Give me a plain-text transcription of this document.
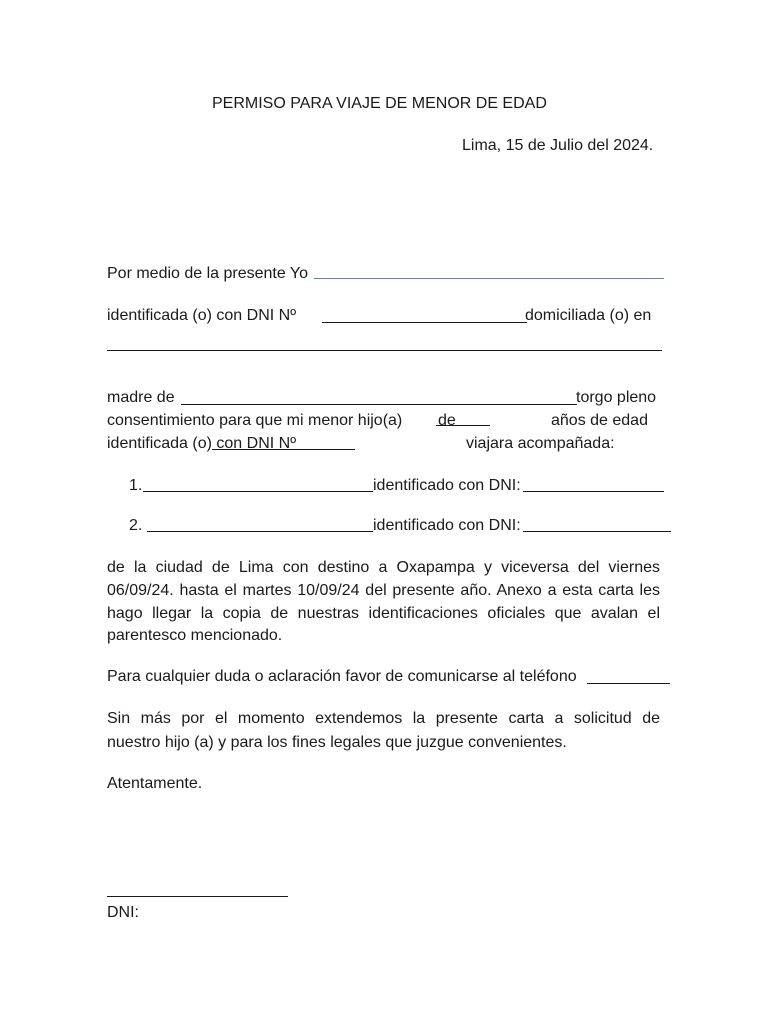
PERMISO PARA VIAJE DE MENOR DE EDAD
Lima, 15 de Julio del 2024.
Por medio de la presente Yo
identificada (o) con DNI Nº	domiciliada (o) en
madre de	torgo pleno
consentimiento para que mi menor hijo(a) de	años de edad
identificada (o) con DNI Nº	viajara acompañada:
1.	identificado con DNI:
2.	identificado con DNI:
de la ciudad de Lima con destino a Oxapampa y viceversa del viernes
06/09/24. hasta el martes 10/09/24 del presente año. Anexo a esta carta les
hago llegar la copia de nuestras identificaciones oficiales que avalan el
parentesco mencionado.
Para cualquier duda o aclaración favor de comunicarse al teléfono
Sin más por el momento extendemos la presente carta a solicitud de
nuestro hijo (a) y para los fines legales que juzgue convenientes.
Atentamente.
DNI:
